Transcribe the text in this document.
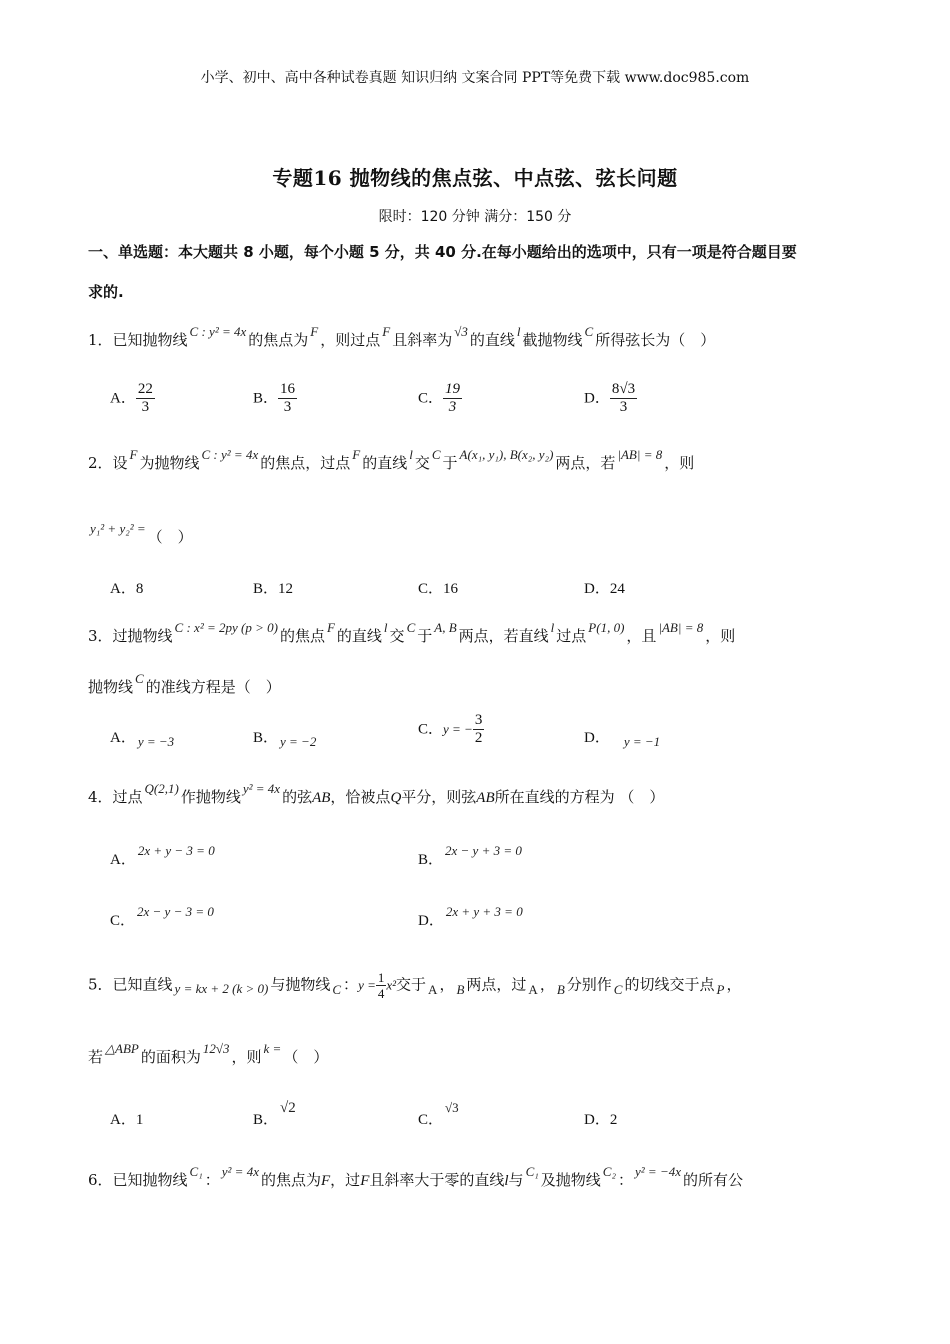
小学、初中、高中各种试卷真题 知识归纳 文案合同 PPT等免费下载 www.doc985.com
专题16 抛物线的焦点弦、中点弦、弦长问题
限时：120 分钟 满分：150 分
一、单选题：本大题共 8 小题，每个小题 5 分，共 40 分.在每小题给出的选项中，只有一项是符合题目要
求的.
1．已知抛物线 C : y² = 4x 的焦点为 F ，则过点 F 且斜率为 √3 的直线 l 截抛物线 C 所得弦长为（　）
A． $\frac{22}{3}$	B． $\frac{16}{3}$	C． $\frac{19}{3}$	D． $\frac{8√3}{3}$
2．设 F 为抛物线 C : y² = 4x 的焦点，过点 F 的直线 l 交 C 于 A(x₁, y₁), B(x₂, y₂) 两点，若 |AB| = 8 ，则
y₁² + y₂² = （　）
A．8	B．12	C．16	D．24
3．过抛物线 C : x² = 2py (p > 0) 的焦点 F 的直线 l 交 C 于 A, B 两点，若直线 l 过点 P(1, 0) ，且 |AB| = 8 ，则
抛物线 C 的准线方程是（　）
A． y = −3	B． y = −2
C．y = − $\frac{3}{2}$	D． y = −1
4．过点 Q(2,1) 作抛物线 y² = 4x 的弦AB，恰被点Q平分，则弦AB所在直线的方程为 （　）
A．2x + y − 3 = 0
B．2x − y + 3 = 0
C．2x − y − 3 = 0
D．2x + y + 3 = 0
5．已知直线 y = kx + 2 (k > 0) 与抛物线 C ：$y = \frac{1}{4} x^2$交于 A ， B 两点，过 A ， B 分别作 C 的切线交于点 P ，
若 △ABP 的面积为 12√3 ，则 k = （　）
A．1	B．√2
C．√3
D．2
6．已知抛物线 C₁ ： y² = 4x 的焦点为F，过F且斜率大于零的直线l与 C₁ 及抛物线 C₂ ： y² = −4x 的所有公
